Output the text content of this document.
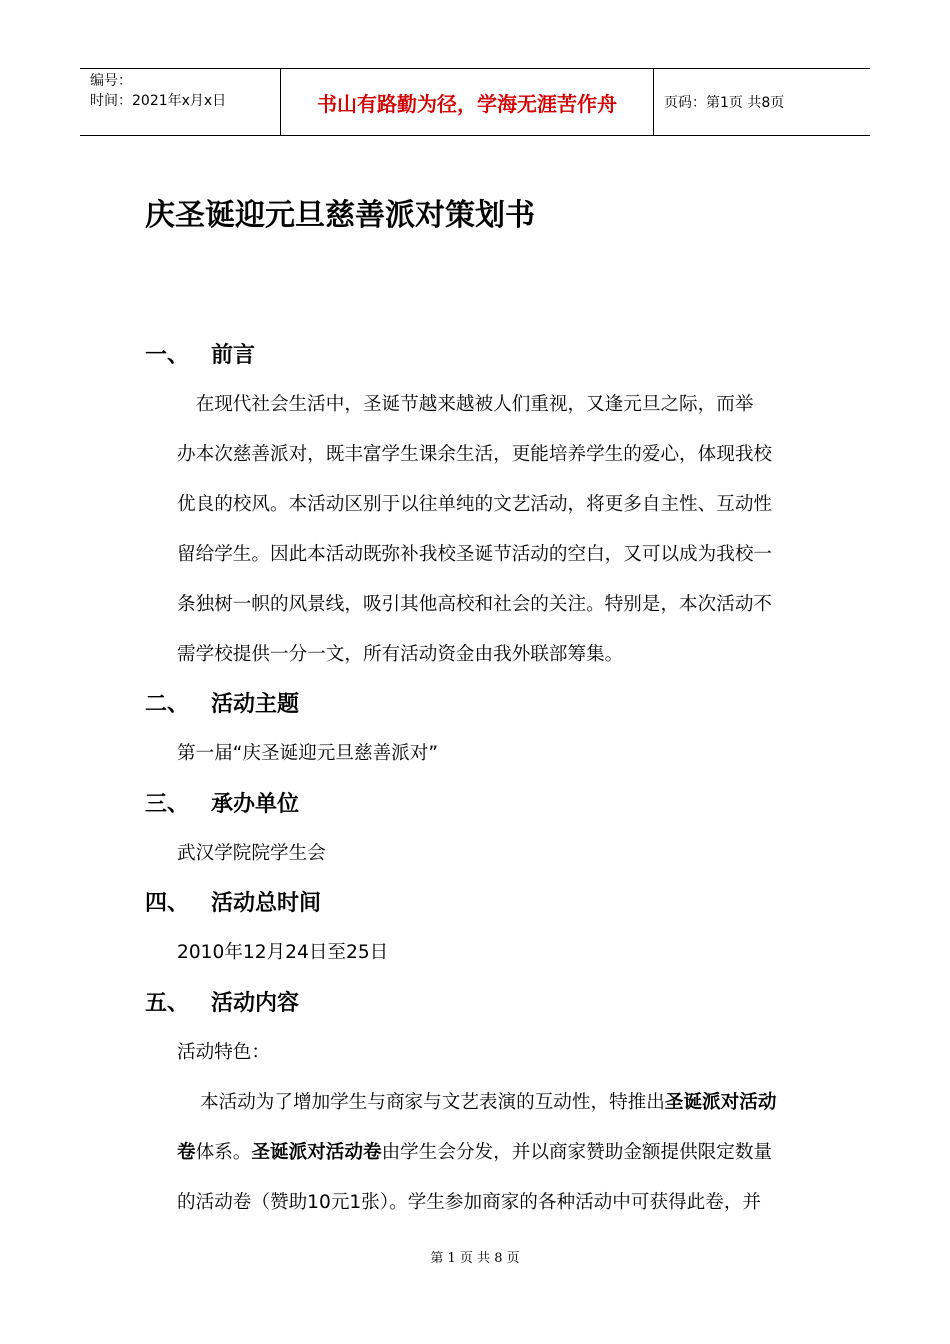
编号：
时间：2021年x月x日	书山有路勤为径，学海无涯苦作舟	页码：第1页 共8页
庆圣诞迎元旦慈善派对策划书
一、 前言
　在现代社会生活中，圣诞节越来越被人们重视，又逢元旦之际，而举
办本次慈善派对，既丰富学生课余生活，更能培养学生的爱心，体现我校
优良的校风。本活动区别于以往单纯的文艺活动，将更多自主性、互动性
留给学生。因此本活动既弥补我校圣诞节活动的空白，又可以成为我校一
条独树一帜的风景线，吸引其他高校和社会的关注。特别是，本次活动不
需学校提供一分一文，所有活动资金由我外联部筹集。
二、 活动主题
第一届“庆圣诞迎元旦慈善派对”
三、 承办单位
武汉学院院学生会
四、 活动总时间
2010年12月24日至25日
五、 活动内容
活动特色：
本活动为了增加学生与商家与文艺表演的互动性，特推出圣诞派对活动
卷体系。圣诞派对活动卷由学生会分发，并以商家赞助金额提供限定数量
的活动卷（赞助10元1张）。学生参加商家的各种活动中可获得此卷，并
第 1 页 共 8 页
